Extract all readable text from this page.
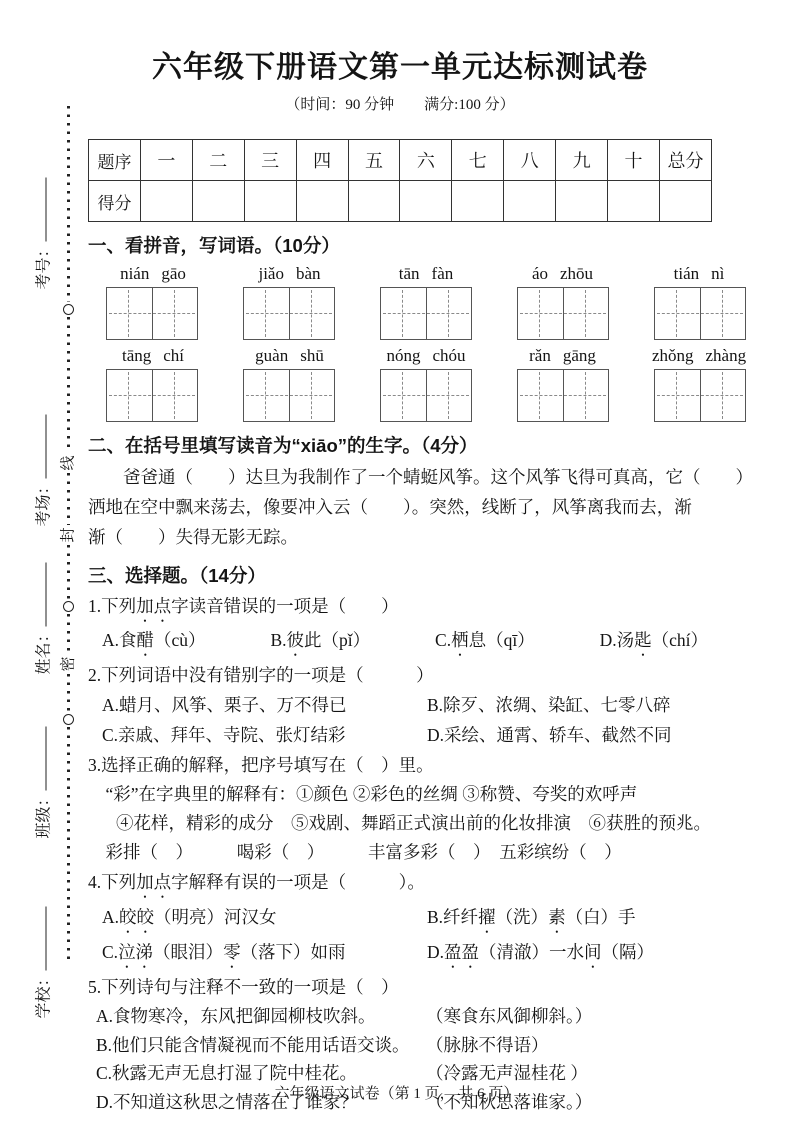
考号：
考场：
姓名：
班级：
学校：
线
封
密
六年级下册语文第一单元达标测试卷
（时间：90 分钟　　满分:100 分）
题序	一	二	三	四	五	六	七	八	九	十	总分
得分											
一、看拼音，写词语。（10分）
nián gāo	jiǎo bàn	tān fàn	áo zhōu	tián nì
tāng chí	guàn shū	nóng chóu	rǎn gāng	zhǒng zhàng
二、在括号里填写读音为“xiāo”的生字。（4分）
爸爸通（　　）达旦为我制作了一个蜻蜓风筝。这个风筝飞得可真高，它（　　）
洒地在空中飘来荡去，像要冲入云（　　）。突然，线断了，风筝离我而去，渐
渐（　　）失得无影无踪。
三、选择题。（14分）
1.下列加点字读音错误的一项是（　　）
A.食醋（cù）	B.彼此（pǐ）	C.栖息（qī）	D.汤匙（chí）
2.下列词语中没有错别字的一项是（　　　）
A.蜡月、风筝、栗子、万不得已	B.除歹、浓绸、染缸、七零八碎
C.亲戚、拜年、寺院、张灯结彩	D.采绘、通霄、轿车、截然不同
3.选择正确的解释，把序号填写在（　）里。
“彩”在字典里的解释有：①颜色 ②彩色的丝绸 ③称赞、夸奖的欢呼声
④花样，精彩的成分　⑤戏剧、舞蹈正式演出前的化妆排演　⑥获胜的预兆。
彩排（　）　　　喝彩（　）　　　丰富多彩（　）　五彩缤纷（　）
4.下列加点字解释有误的一项是（　　　）。
A.皎皎（明亮）河汉女	B.纤纤擢（洗）素（白）手
C.泣涕（眼泪）零（落下）如雨	D.盈盈（清澈）一水间（隔）
5.下列诗句与注释不一致的一项是（　）
A.食物寒冷，东风把御园柳枝吹斜。	（寒食东风御柳斜。）
B.他们只能含情凝视而不能用话语交谈。 （脉脉不得语）
C.秋露无声无息打湿了院中桂花。	（冷露无声湿桂花 ）
D.不知道这秋思之情落在了谁家？	（不知秋思落谁家。）
六年级语文试卷（第 1 页， 共 6 页）
